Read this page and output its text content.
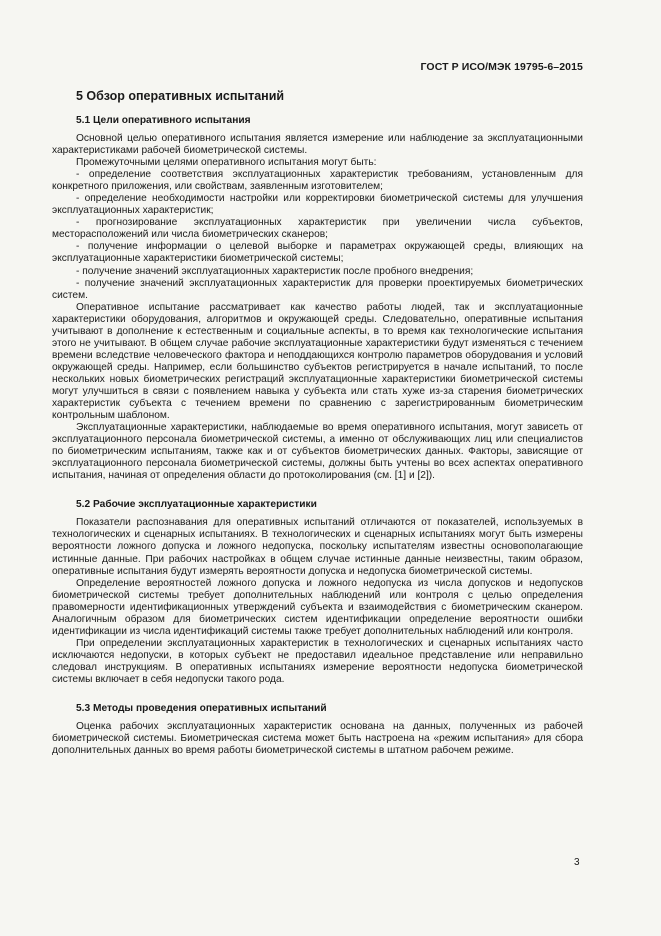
ГОСТ Р ИСО/МЭК 19795-6–2015
5 Обзор оперативных испытаний
5.1 Цели оперативного испытания

Основной целью оперативного испытания является измерение или наблюдение за эксплуатационными характеристиками рабочей биометрической системы.

Промежуточными целями оперативного испытания могут быть:

- определение соответствия эксплуатационных характеристик требованиям, установленным для конкретного приложения, или свойствам, заявленным изготовителем;

- определение необходимости настройки или корректировки биометрической системы для улучшения эксплуатационных характеристик;

- прогнозирование эксплуатационных характеристик при увеличении числа субъектов, месторасположений или числа биометрических сканеров;

- получение информации о целевой выборке и параметрах окружающей среды, влияющих на эксплуатационные характеристики биометрической системы;

- получение значений эксплуатационных характеристик после пробного внедрения;

- получение значений эксплуатационных характеристик для проверки проектируемых биометрических систем.

Оперативное испытание рассматривает как качество работы людей, так и эксплуатационные характеристики оборудования, алгоритмов и окружающей среды. Следовательно, оперативные испытания учитывают в дополнение к естественным и социальные аспекты, в то время как технологические испытания этого не учитывают. В общем случае рабочие эксплуатационные характеристики будут изменяться с течением времени вследствие человеческого фактора и неподдающихся контролю параметров оборудования и условий окружающей среды. Например, если большинство субъектов регистрируется в начале испытаний, то после нескольких новых биометрических регистраций эксплуатационные характеристики биометрической системы могут улучшиться в связи с появлением навыка у субъекта или стать хуже из-за старения биометрических характеристик субъекта с течением времени по сравнению с зарегистрированным биометрическим контрольным шаблоном.

Эксплуатационные характеристики, наблюдаемые во время оперативного испытания, могут зависеть от эксплуатационного персонала биометрической системы, а именно от обслуживающих лиц или специалистов по биометрическим испытаниям, также как и от субъектов биометрических данных. Факторы, зависящие от эксплуатационного персонала биометрической системы, должны быть учтены во всех аспектах оперативного испытания, начиная от определения области до протоколирования (см. [1] и [2]).

5.2 Рабочие эксплуатационные характеристики

Показатели распознавания для оперативных испытаний отличаются от показателей, используемых в технологических и сценарных испытаниях. В технологических и сценарных испытаниях могут быть измерены вероятности ложного допуска и ложного недопуска, поскольку испытателям известны основополагающие истинные данные. При рабочих настройках в общем случае истинные данные неизвестны, таким образом, оперативные испытания будут измерять вероятности допуска и недопуска биометрической системы.

Определение вероятностей ложного допуска и ложного недопуска из числа допусков и недопусков биометрической системы требует дополнительных наблюдений или контроля с целью определения правомерности идентификационных утверждений субъекта и взаимодействия с биометрическим сканером. Аналогичным образом для биометрических систем идентификации определение вероятности ошибки идентификации из числа идентификаций системы также требует дополнительных наблюдений или контроля.

При определении эксплуатационных характеристик в технологических и сценарных испытаниях часто исключаются недопуски, в которых субъект не предоставил идеальное представление или неправильно следовал инструкциям. В оперативных испытаниях измерение вероятности недопуска биометрической системы включает в себя недопуски такого рода.

5.3 Методы проведения оперативных испытаний

Оценка рабочих эксплуатационных характеристик основана на данных, полученных из рабочей биометрической системы. Биометрическая система может быть настроена на «режим испытания» для сбора дополнительных данных во время работы биометрической системы в штатном рабочем режиме.

3
